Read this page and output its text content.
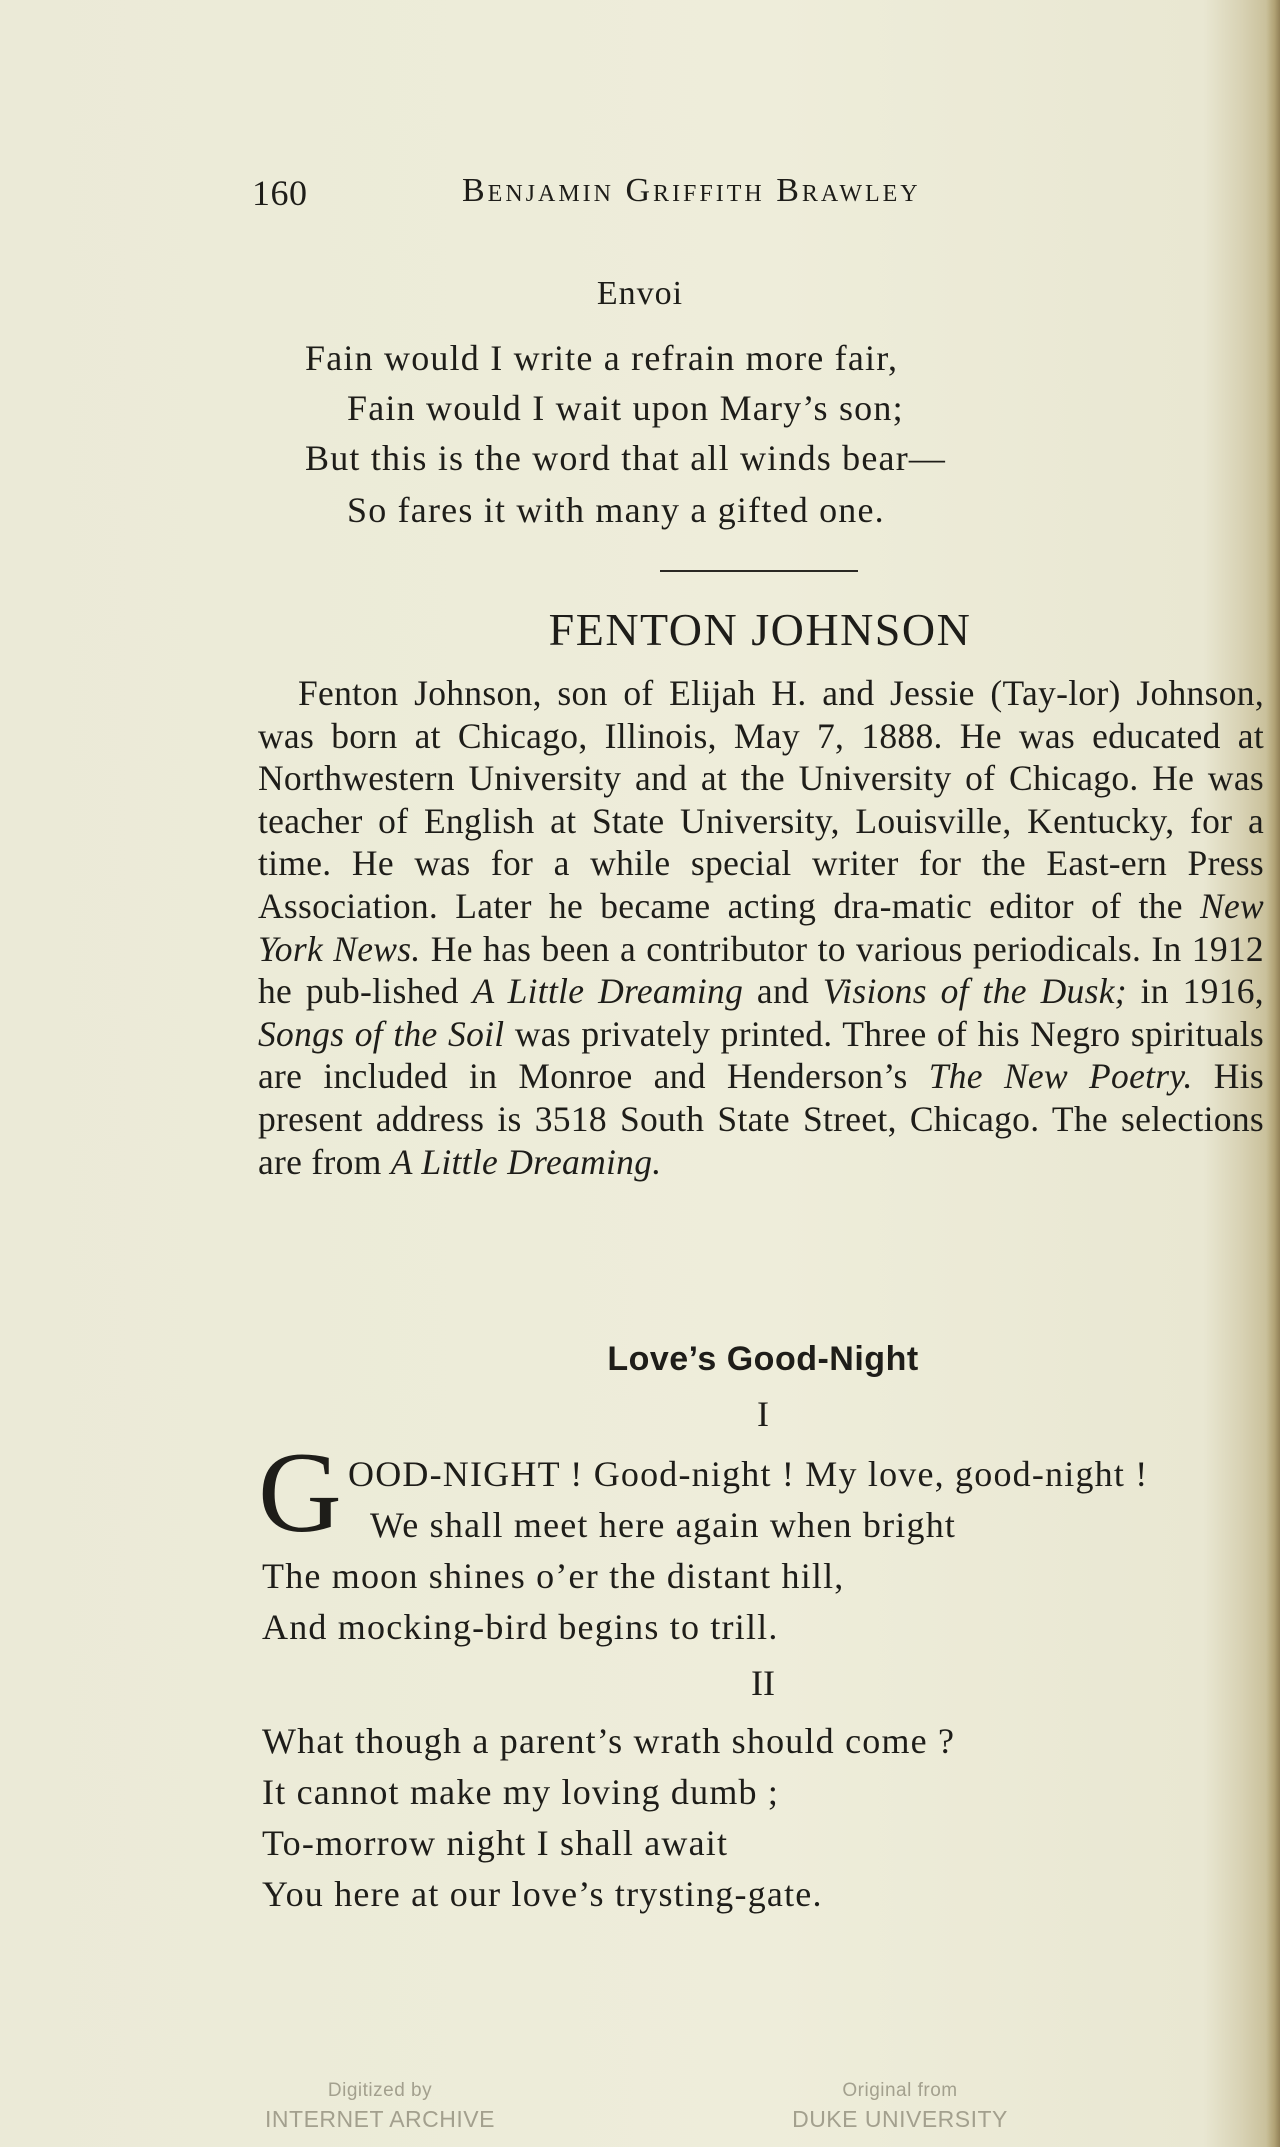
160	Benjamin Griffith Brawley
Envoi
Fain would I write a refrain more fair,
Fain would I wait upon Mary’s son;
But this is the word that all winds bear—
So fares it with many a gifted one.
FENTON JOHNSON
Fenton Johnson, son of Elijah H. and Jessie (Tay-lor) Johnson, was born at Chicago, Illinois, May 7, 1888. He was educated at Northwestern University and at the University of Chicago. He was teacher of English at State University, Louisville, Kentucky, for a time. He was for a while special writer for the East-ern Press Association. Later he became acting dra-matic editor of the New York News. He has been a contributor to various periodicals. In 1912 he pub-lished A Little Dreaming and Visions of the Dusk; in 1916, Songs of the Soil was privately printed. Three of his Negro spirituals are included in Monroe and Henderson’s The New Poetry. His present address is 3518 South State Street, Chicago. The selections are from A Little Dreaming.
Love’s Good-Night
I
G OOD-NIGHT ! Good-night ! My love, good-night !
We shall meet here again when bright
The moon shines o’er the distant hill,
And mocking-bird begins to trill.
II
What though a parent’s wrath should come ?
It cannot make my loving dumb ;
To-morrow night I shall await
You here at our love’s trysting-gate.
Digitized by
INTERNET ARCHIVE
Original from
DUKE UNIVERSITY
